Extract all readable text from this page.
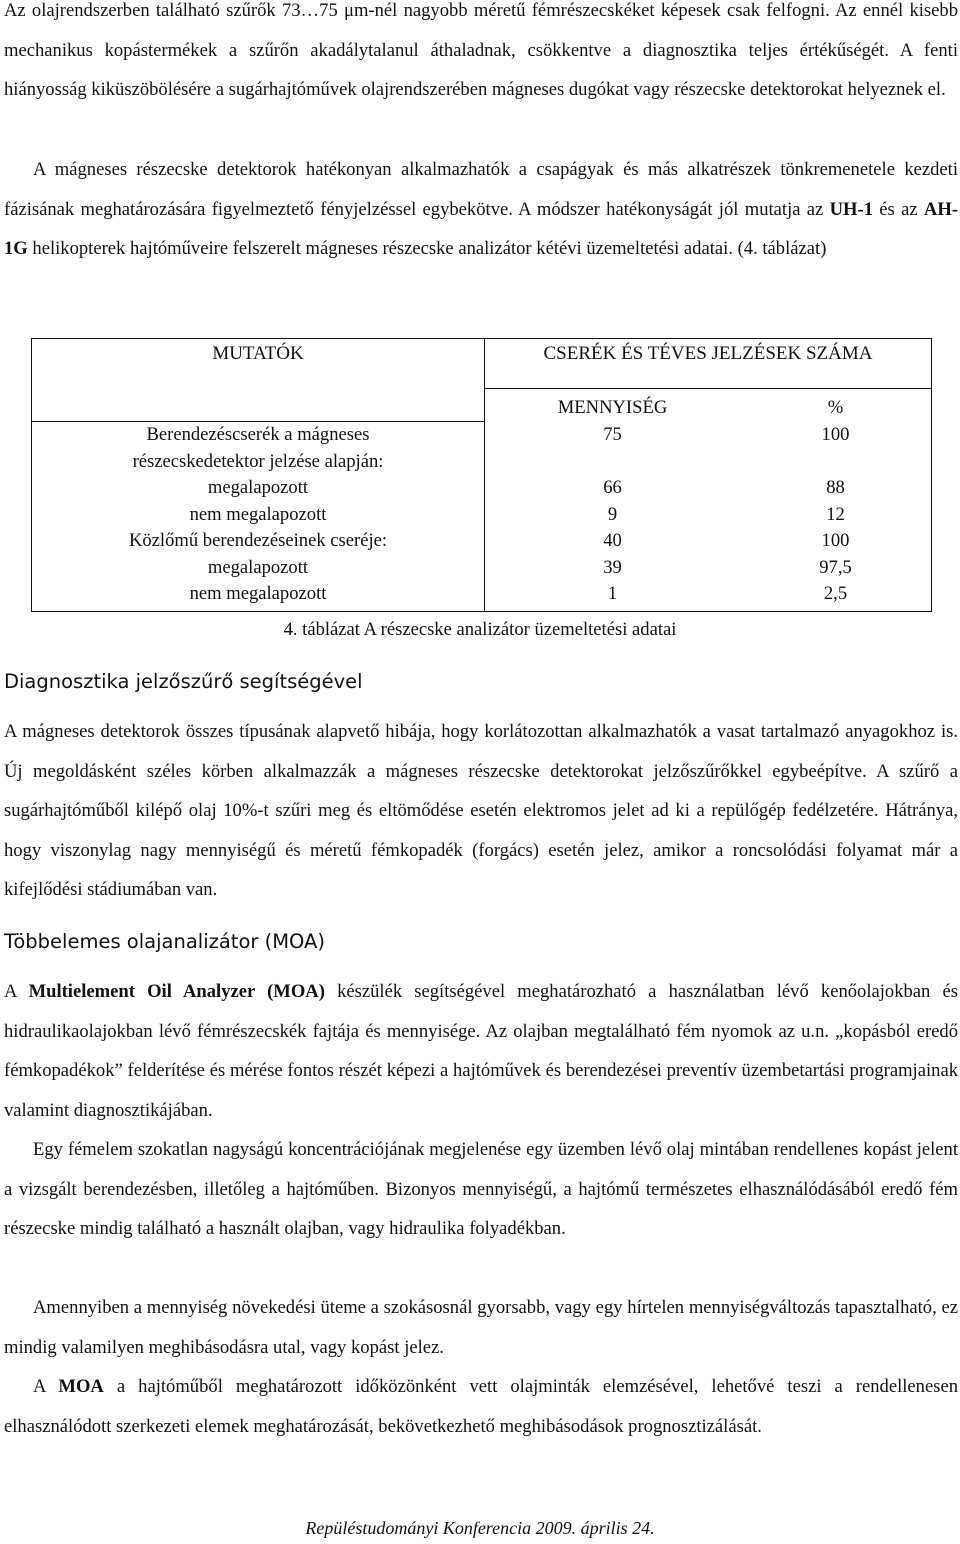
Az olajrendszerben található szűrők 73…75 μm-nél nagyobb méretű fémrészecskéket képesek csak felfogni. Az ennél kisebb mechanikus kopástermékek a szűrőn akadálytalanul áthaladnak, csökkentve a diagnosztika teljes értékűségét. A fenti hiányosság kiküszöbölésére a sugárhajtóművek olajrendszerében mágneses dugókat vagy részecske detektorokat helyeznek el.

A mágneses részecske detektorok hatékonyan alkalmazhatók a csapágyak és más alkatrészek tönkremenetele kezdeti fázisának meghatározására figyelmeztető fényjelzéssel egybekötve. A módszer hatékonyságát jól mutatja az UH-1 és az AH-1G helikopterek hajtóműveire felszerelt mágneses részecske analizátor kétévi üzemeltetési adatai. (4. táblázat)

MUTATÓK	CSERÉK ÉS TÉVES JELZÉSEK SZÁMA	
	MENNYISÉG	%
Berendezéscserék a mágneses	75	100
részecskedetektor jelzése alapján:		
megalapozott	66	88
nem megalapozott	9	12
Közlőmű berendezéseinek cseréje:	40	100
megalapozott	39	97,5
nem megalapozott	1	2,5

4. táblázat A részecske analizátor üzemeltetési adatai

Diagnosztika jelzőszűrő segítségével

A mágneses detektorok összes típusának alapvető hibája, hogy korlátozottan alkalmazhatók a vasat tartalmazó anyagokhoz is. Új megoldásként széles körben alkalmazzák a mágneses részecske detektorokat jelzőszűrőkkel egybeépítve. A szűrő a sugárhajtóműből kilépő olaj 10%-t szűri meg és eltömődése esetén elektromos jelet ad ki a repülőgép fedélzetére. Hátránya, hogy viszonylag nagy mennyiségű és méretű fémkopadék (forgács) esetén jelez, amikor a roncsolódási folyamat már a kifejlődési stádiumában van.

Többelemes olajanalizátor (MOA)

A Multielement Oil Analyzer (MOA) készülék segítségével meghatározható a használatban lévő kenőolajokban és hidraulikaolajokban lévő fémrészecskék fajtája és mennyisége. Az olajban megtalálható fém nyomok az u.n. „kopásból eredő fémkopadékok” felderítése és mérése fontos részét képezi a hajtóművek és berendezései preventív üzembetartási programjainak valamint diagnosztikájában.

Egy fémelem szokatlan nagyságú koncentrációjának megjelenése egy üzemben lévő olaj mintában rendellenes kopást jelent a vizsgált berendezésben, illetőleg a hajtóműben. Bizonyos mennyiségű, a hajtómű természetes elhasználódásából eredő fém részecske mindig található a használt olajban, vagy hidraulika folyadékban.

Amennyiben a mennyiség növekedési üteme a szokásosnál gyorsabb, vagy egy hírtelen mennyiségváltozás tapasztalható, ez mindig valamilyen meghibásodásra utal, vagy kopást jelez.

A MOA a hajtóműből meghatározott időközönként vett olajminták elemzésével, lehetővé teszi a rendellenesen elhasználódott szerkezeti elemek meghatározását, bekövetkezhető meghibásodások prognosztizálását.

Repüléstudományi Konferencia 2009. április 24.
